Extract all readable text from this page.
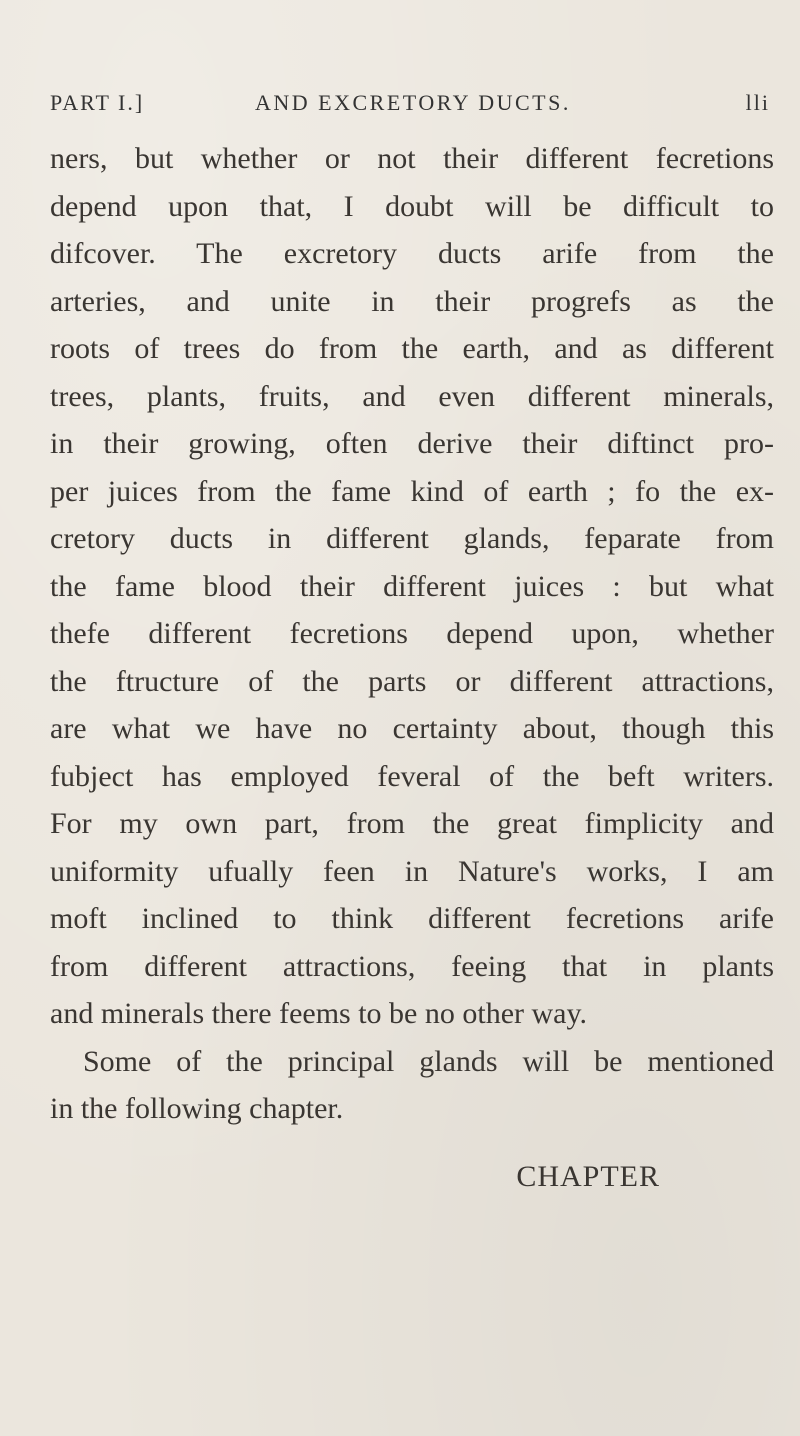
PART I.]	AND EXCRETORY DUCTS.	lli
ners, but whether or not their different fecretions
depend upon that, I doubt will be difficult to
difcover. The excretory ducts arife from the
arteries, and unite in their progrefs as the
roots of trees do from the earth, and as different
trees, plants, fruits, and even different minerals,
in their growing, often derive their diftinct pro-
per juices from the fame kind of earth ; fo the ex-
cretory ducts in different glands, feparate from
the fame blood their different juices : but what
thefe different fecretions depend upon, whether
the ftructure of the parts or different attractions,
are what we have no certainty about, though this
fubject has employed feveral of the beft writers.
For my own part, from the great fimplicity and
uniformity ufually feen in Nature's works, I am
moft inclined to think different fecretions arife
from different attractions, feeing that in plants
and minerals there feems to be no other way.
Some of the principal glands will be mentioned
in the following chapter.
CHAPTER
